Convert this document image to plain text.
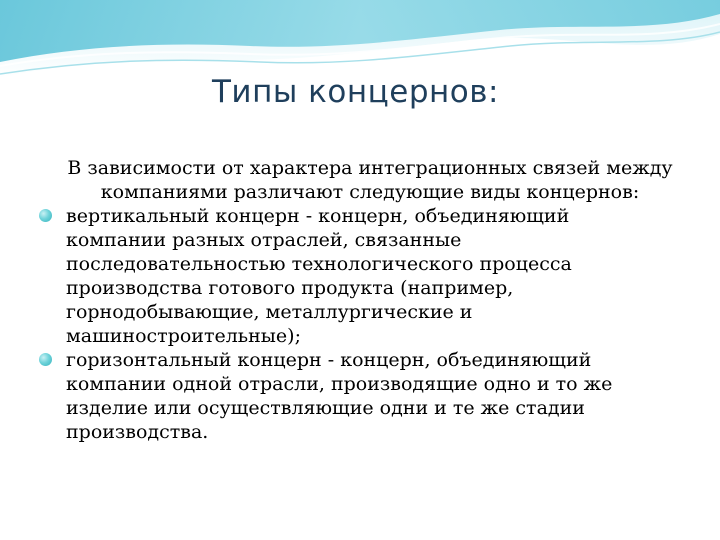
Типы концернов:

В зависимости от характера интеграционных связей между компаниями различают следующие виды концернов:

вертикальный концерн - концерн, объединяющий компании разных отраслей, связанные последовательностью технологического процесса производства готового продукта (например, горнодобывающие, металлургические и машиностроительные);
горизонтальный концерн - концерн, объединяющий компании одной отрасли, производящие одно и то же изделие или осуществляющие одни и те же стадии производства.
